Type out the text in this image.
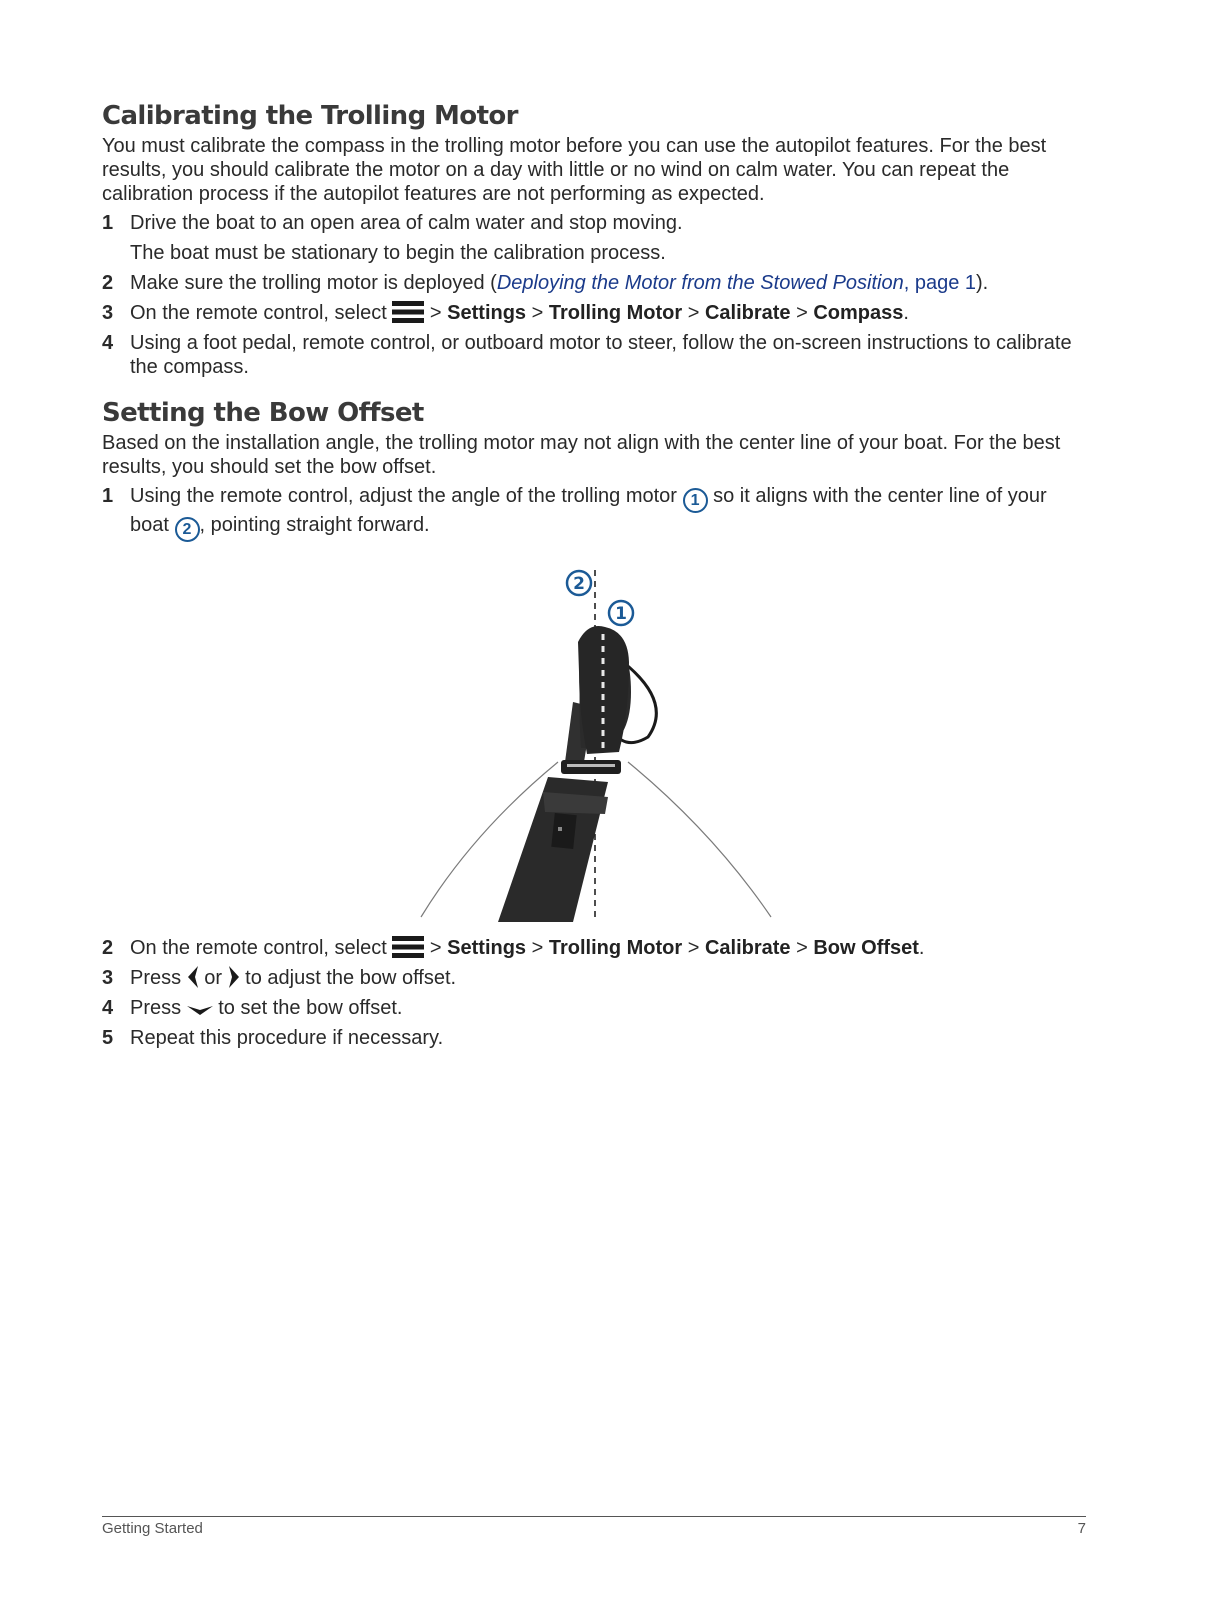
Calibrating the Trolling Motor

You must calibrate the compass in the trolling motor before you can use the autopilot features. For the best results, you should calibrate the motor on a day with little or no wind on calm water. You can repeat the calibration process if the autopilot features are not performing as expected.

1 Drive the boat to an open area of calm water and stop moving.
The boat must be stationary to begin the calibration process.
2 Make sure the trolling motor is deployed (Deploying the Motor from the Stowed Position, page 1).
3 On the remote control, select  > Settings > Trolling Motor > Calibrate > Compass.
4 Using a foot pedal, remote control, or outboard motor to steer, follow the on-screen instructions to calibrate the compass.
Setting the Bow Offset

Based on the installation angle, the trolling motor may not align with the center line of your boat. For the best results, you should set the bow offset.

1 Using the remote control, adjust the angle of the trolling motor 1 so it aligns with the center line of your boat 2 , pointing straight forward.
2
1
2 On the remote control, select  > Settings > Trolling Motor > Calibrate > Bow Offset.
3 Press or to adjust the bow offset.
4 Press to set the bow offset.
5 Repeat this procedure if necessary.
Getting Started	7
